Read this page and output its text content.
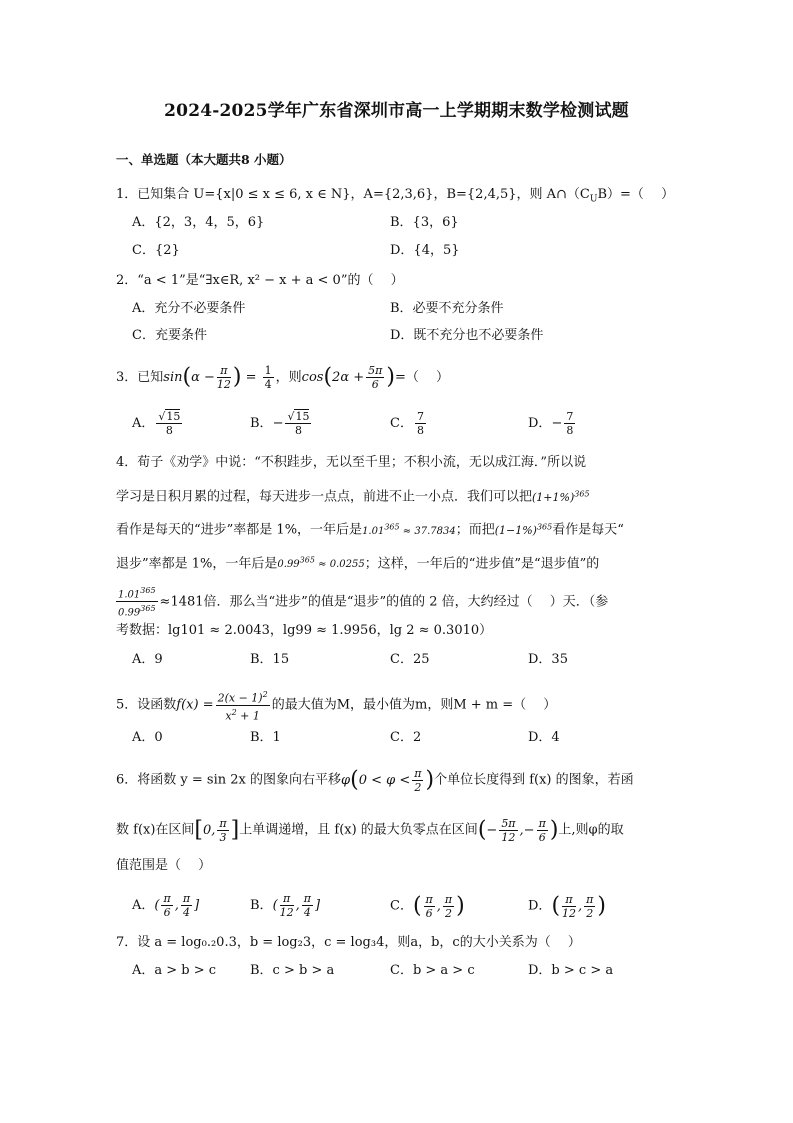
2024-2025学年广东省深圳市高一上学期期末数学检测试题
一、单选题（本大题共8 小题）
1．已知集合 U={x|0 ≤ x ≤ 6, x ∈ N}，A={2,3,6}，B={2,4,5}，则 $A\cap(C_UB)=$（　 ）
A．{2，3，4，5，6}	B．{3，6}
C．{2}	D．{4，5}
2．“a < 1”是“∃x∈R, x² − x + a < 0”的（　 ）
A．充分不必要条件	B．必要不充分条件
C．充要条件	D．既不充分也不必要条件
3．已知$\sin(\alpha - \frac{\pi}{12}$ ) = $\frac{1}{4}$ ，则$\cos(2\alpha + \frac{5\pi}{6}$ )=（　 ）
A． $\frac{√15}{8}$	B．− $\frac{√15}{8}$	C． $\frac{7}{8}$	D．− $\frac{7}{8}$
4．荀子《劝学》中说：“不积跬步，无以至千里；不积小流，无以成江海．”所以说
学习是日积月累的过程，每天进步一点点，前进不止一小点．我们可以把$(1+1\%)^{365}$
看作是每天的“进步”率都是 1%，一年后是$1.01^{365} \approx 37.7834$；而把$(1-1\%)^{365}$看作是每天“
退步”率都是 1%，一年后是$0.99^{365} \approx 0.0255$；这样，一年后的“进步值”是“退步值”的
$\frac{1.01^{365}}{0.99^{365}} \approx 1481$倍．那么当“进步”的值是“退步”的值的 2 倍，大约经过（　 ）天．（参
考数据：lg101 ≈ 2.0043，lg99 ≈ 1.9956，lg 2 ≈ 0.3010）
A．9	B．15	C．25	D．35
5．设函数$f(x) = \frac{2(x - 1)^2}{x^2 + 1}$ 的最大值为M，最小值为m，则M + m =（　 ）
A．0	B．1	C．2	D．4
6．将函数 y = sin 2x 的图象向右平移$\varphi(0 < \varphi < \frac{\pi}{2}$ )个单位长度得到 f(x) 的图象，若函
数 f(x)在区间[0, $\frac{\pi}{3}$ ]上单调递增，且 f(x) 的最大负零点在区间(− $\frac{5\pi}{12}$ ,− $\frac{\pi}{6}$ )上,则φ的取
值范围是（　 ）
A．( $\frac{\pi}{6}$ , $\frac{\pi}{4}$ ]	B．( $\frac{\pi}{12}$ , $\frac{\pi}{4}$ ]	C．( $\frac{\pi}{6}$ , $\frac{\pi}{2}$ )	D．( $\frac{\pi}{12}$ , $\frac{\pi}{2}$ )
7．设 a = log₀.₂0.3，b = log₂3，c = log₃4，则a，b，c的大小关系为（　 ）
A．a > b > c	B．c > b > a	C．b > a > c	D．b > c > a
